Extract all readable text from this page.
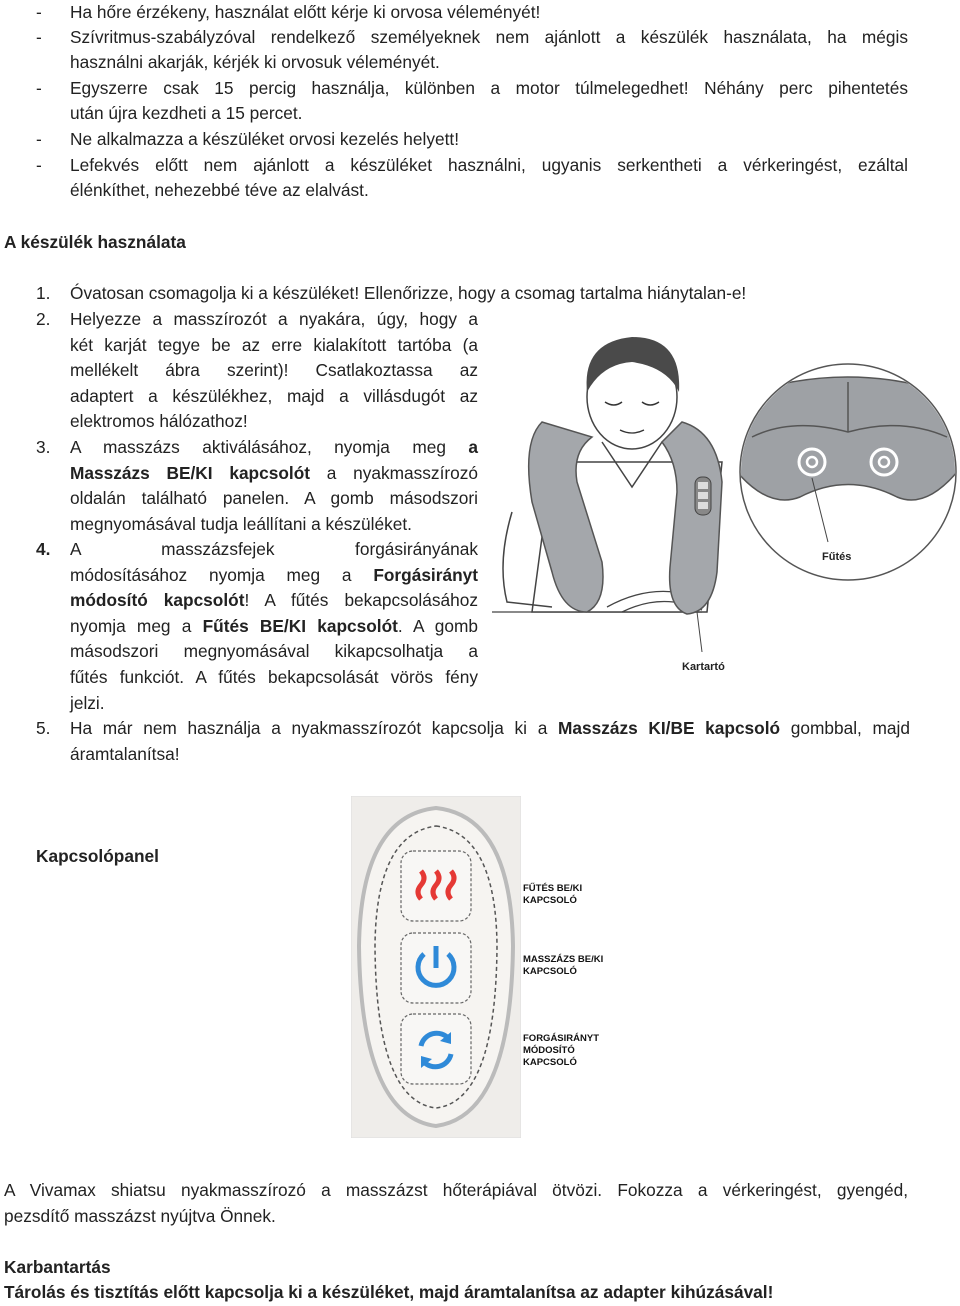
- Ha hőre érzékeny, használat előtt kérje ki orvosa véleményét!
- Szívritmus-szabályzóval rendelkező személyeknek nem ajánlott a készülék használata, ha mégis
használni akarják, kérjék ki orvosuk véleményét.
- Egyszerre csak 15 percig használja, különben a motor túlmelegedhet! Néhány perc pihentetés
után újra kezdheti a 15 percet.
- Ne alkalmazza a készüléket orvosi kezelés helyett!
- Lefekvés előtt nem ajánlott a készüléket használni, ugyanis serkentheti a vérkeringést, ezáltal
élénkíthet, nehezebbé téve az elalvást.
A készülék használata
1. Óvatosan csomagolja ki a készüléket! Ellenőrizze, hogy a csomag tartalma hiánytalan-e!
2. Helyezze a masszírozót a nyakára, úgy, hogy a
két karját tegye be az erre kialakított tartóba (a
mellékelt ábra szerint)! Csatlakoztassa az
adaptert a készülékhez, majd a villásdugót az
elektromos hálózathoz!
3. A masszázs aktiválásához, nyomja meg a
Masszázs BE/KI kapcsolót a nyakmasszírozó
oldalán található panelen. A gomb másodszori
megnyomásával tudja leállítani a készüléket.
4. A masszázsfejek forgásirányának
módosításához nyomja meg a Forgásirányt
módosító kapcsolót! A fűtés bekapcsolásához
nyomja meg a Fűtés BE/KI kapcsolót. A gomb
másodszori megnyomásával kikapcsolhatja a
fűtés funkciót. A fűtés bekapcsolását vörös fény
jelzi.
5. Ha már nem használja a nyakmasszírozót kapcsolja ki a Masszázs KI/BE kapcsoló gombbal, majd
áramtalanítsa!
Fűtés
Kartartó
Kapcsolópanel
FŰTÉS BE/KI
KAPCSOLÓ
MASSZÁZS BE/KI
KAPCSOLÓ
FORGÁSIRÁNYT
MÓDOSÍTÓ
KAPCSOLÓ
A Vivamax shiatsu nyakmasszírozó a masszázst hőterápiával ötvözi. Fokozza a vérkeringést, gyengéd,
pezsdítő masszázst nyújtva Önnek.
Karbantartás
Tárolás és tisztítás előtt kapcsolja ki a készüléket, majd áramtalanítsa az adapter kihúzásával!
